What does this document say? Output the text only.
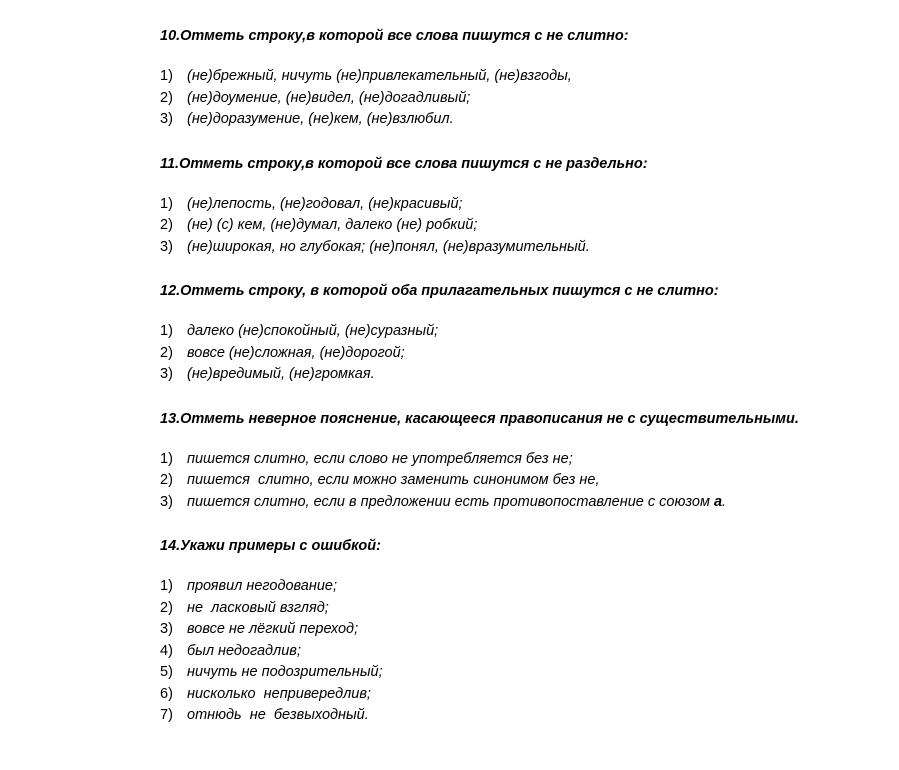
10.Отметь строку,в которой все слова пишутся с не слитно:
1) (не)брежный, ничуть (не)привлекательный, (не)взгоды,
2) (не)доумение, (не)видел, (не)догадливый;
3) (не)доразумение, (не)кем, (не)взлюбил.
11.Отметь строку,в которой все слова пишутся с не раздельно:
1) (не)лепость, (не)годовал, (не)красивый;
2) (не) (с) кем, (не)думал, далеко (не) робкий;
3) (не)широкая, но глубокая; (не)понял, (не)вразумительный.
12.Отметь строку, в которой оба прилагательных пишутся с не слитно:
1) далеко (не)спокойный, (не)суразный;
2) вовсе (не)сложная, (не)дорогой;
3) (не)вредимый, (не)громкая.
13.Отметь неверное пояснение, касающееся правописания не с существительными.
1) пишется слитно, если слово не употребляется без не;
2) пишется  слитно, если можно заменить синонимом без не,
3) пишется слитно, если в предложении есть противопоставление с союзом а.
14.Укажи примеры с ошибкой:
1) проявил негодование;
2) не  ласковый взгляд;
3) вовсе не лёгкий переход;
4) был недогадлив;
5) ничуть не подозрительный;
6) нисколько  непривередлив;
7) отнюдь  не  безвыходный.
